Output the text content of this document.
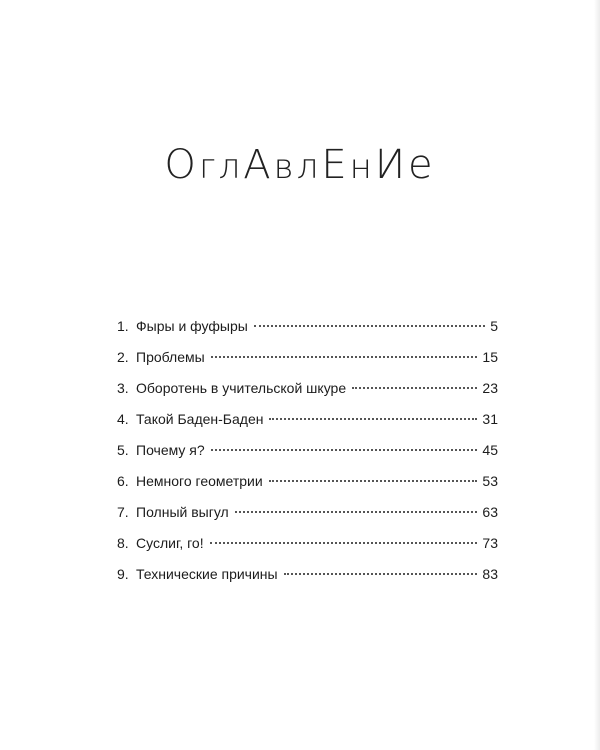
ОглАвлЕнИе
1. Фыры и фуфыры	5
2. Проблемы	15
3. Оборотень в учительской шкуре	23
4. Такой Баден-Баден	31
5. Почему я?	45
6. Немного геометрии	53
7. Полный выгул	63
8. Суслиг, го!	73
9. Технические причины	83
